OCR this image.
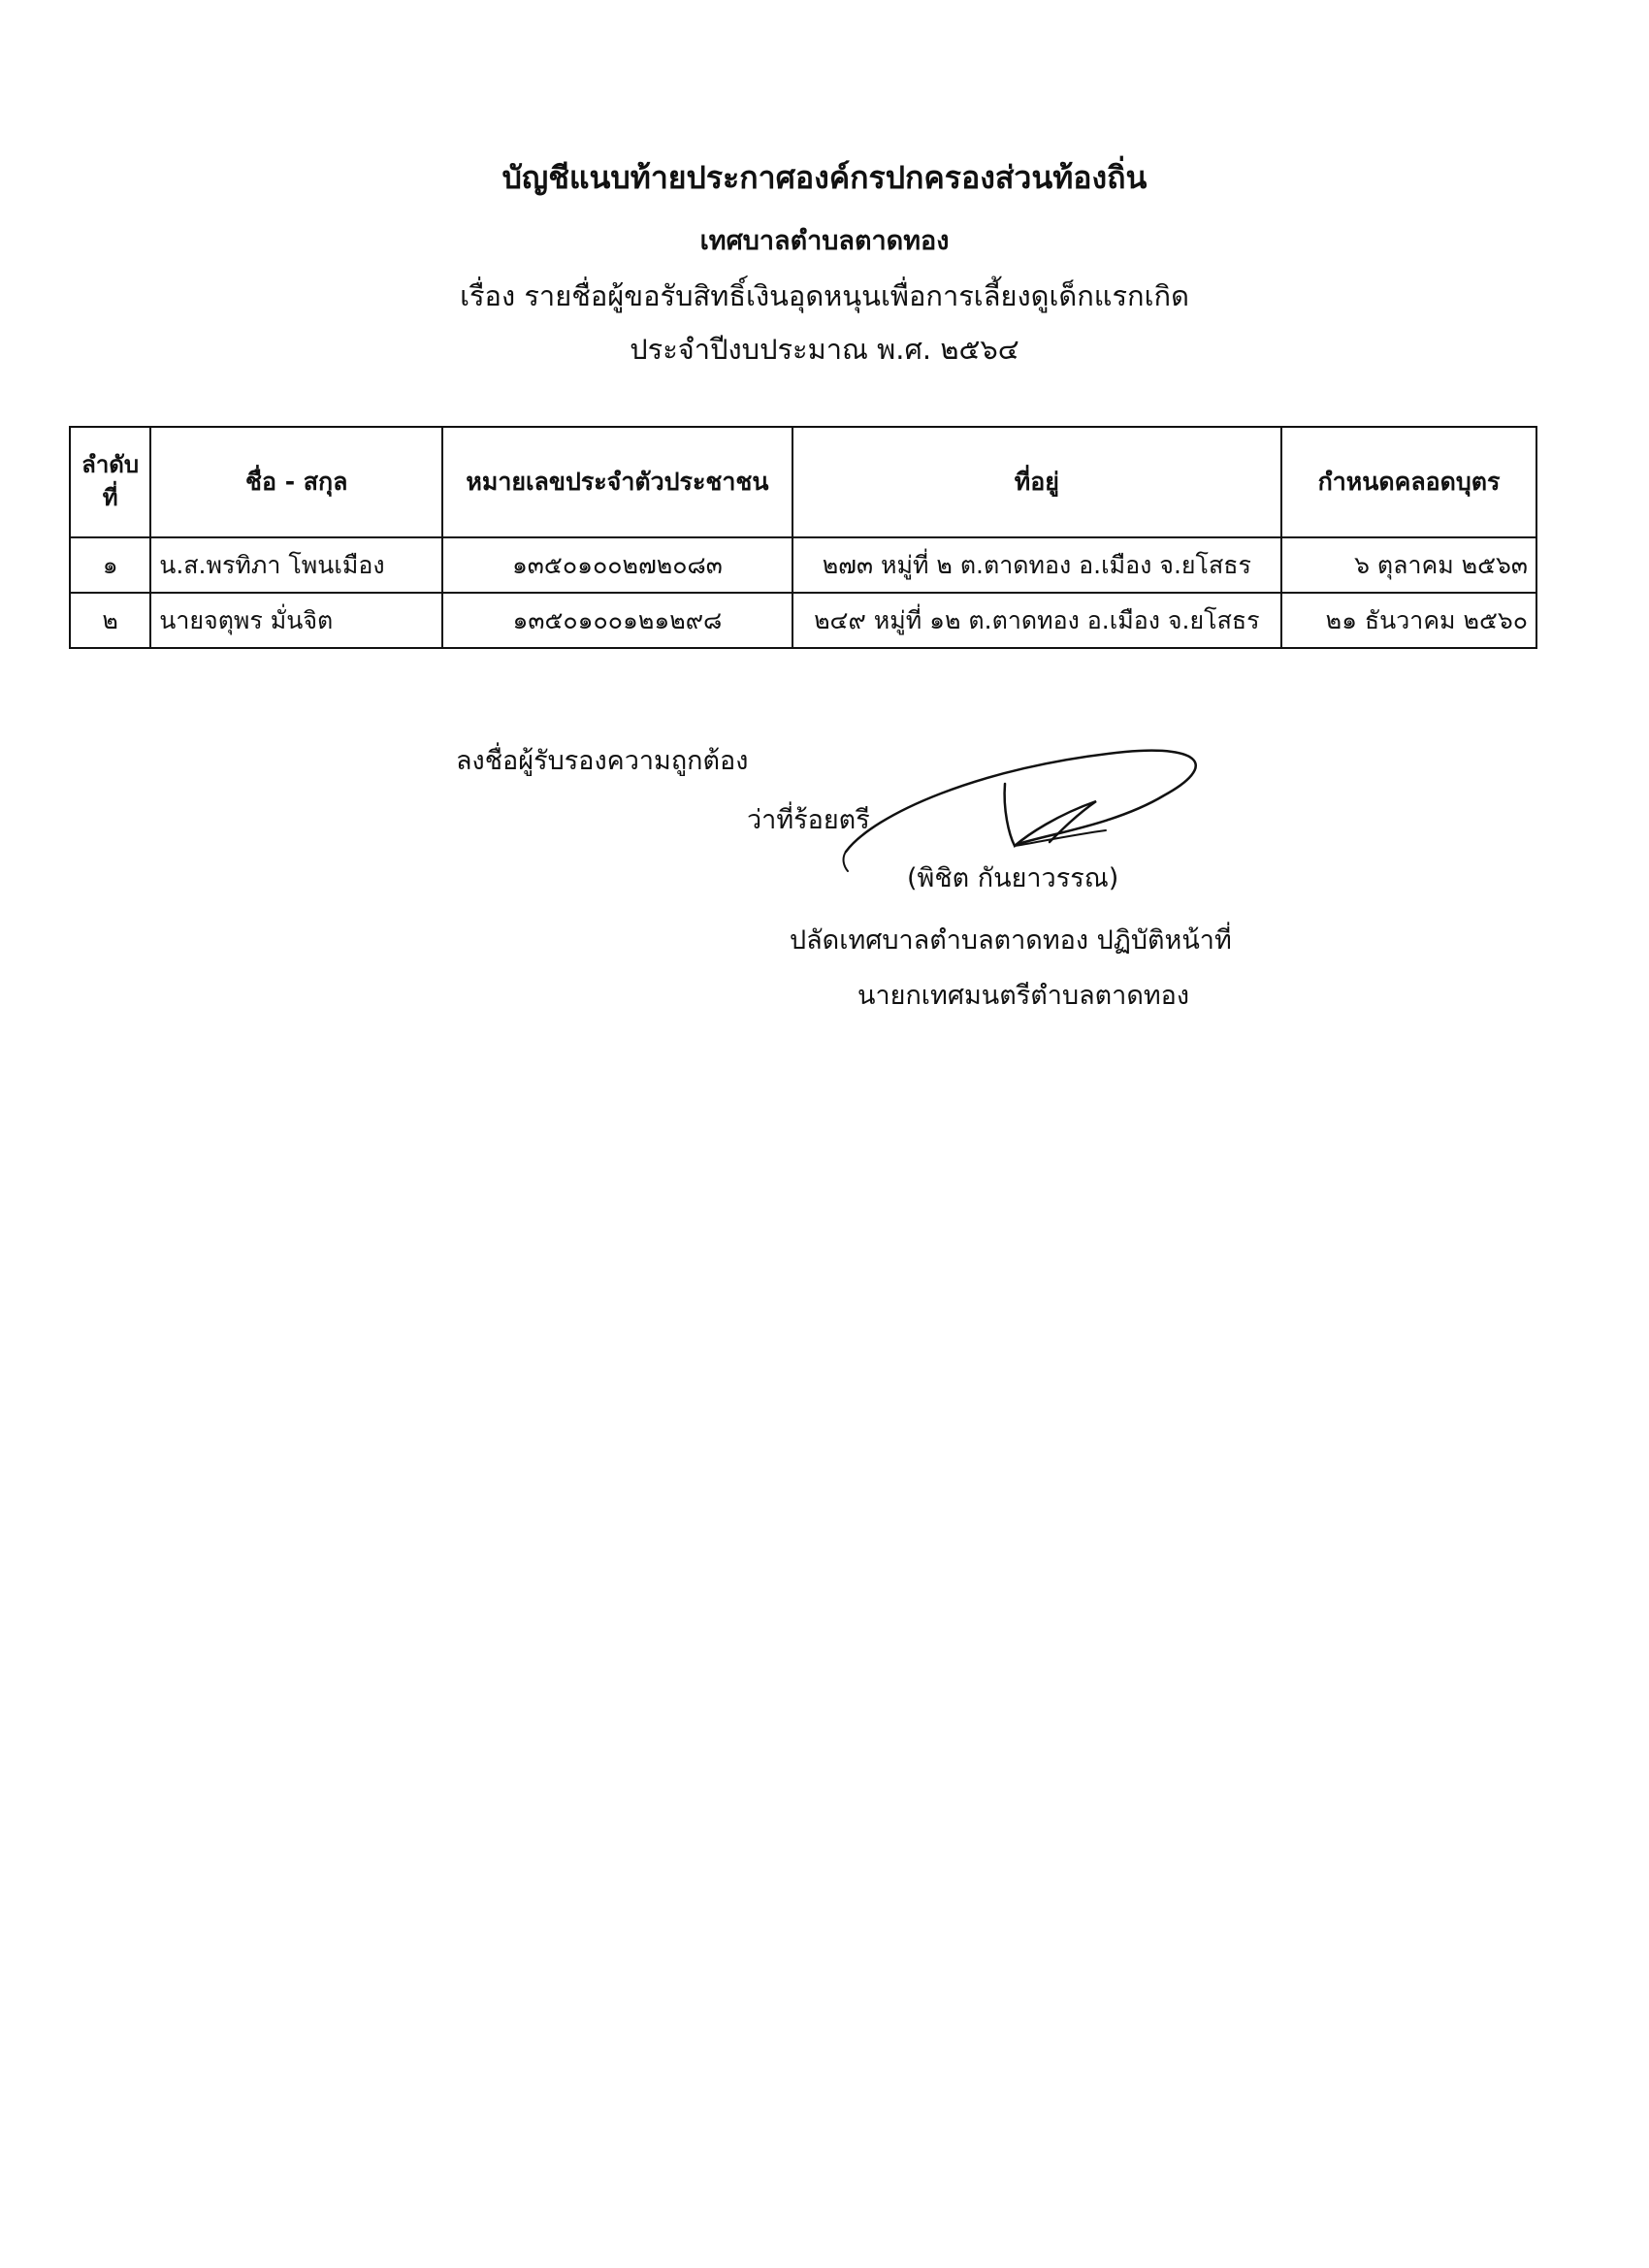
บัญชีแนบท้ายประกาศองค์กรปกครองส่วนท้องถิ่น
เทศบาลตำบลตาดทอง
เรื่อง รายชื่อผู้ขอรับสิทธิ์เงินอุดหนุนเพื่อการเลี้ยงดูเด็กแรกเกิด
ประจำปีงบประมาณ พ.ศ. ๒๕๖๔
ลำดับที่	ชื่อ - สกุล	หมายเลขประจำตัวประชาชน	ที่อยู่	กำหนดคลอดบุตร
๑	น.ส.พรทิภา โพนเมือง	๑๓๕๐๑๐๐๒๗๒๐๘๓	๒๗๓ หมู่ที่ ๒ ต.ตาดทอง อ.เมือง จ.ยโสธร	๖ ตุลาคม ๒๕๖๓
๒	นายจตุพร มั่นจิต	๑๓๕๐๑๐๐๑๒๑๒๙๘	๒๔๙ หมู่ที่ ๑๒ ต.ตาดทอง อ.เมือง จ.ยโสธร	๒๑ ธันวาคม ๒๕๖๐
ลงชื่อผู้รับรองความถูกต้อง
ว่าที่ร้อยตรี
(พิชิต กันยาวรรณ)
ปลัดเทศบาลตำบลตาดทอง ปฏิบัติหน้าที่
นายกเทศมนตรีตำบลตาดทอง
